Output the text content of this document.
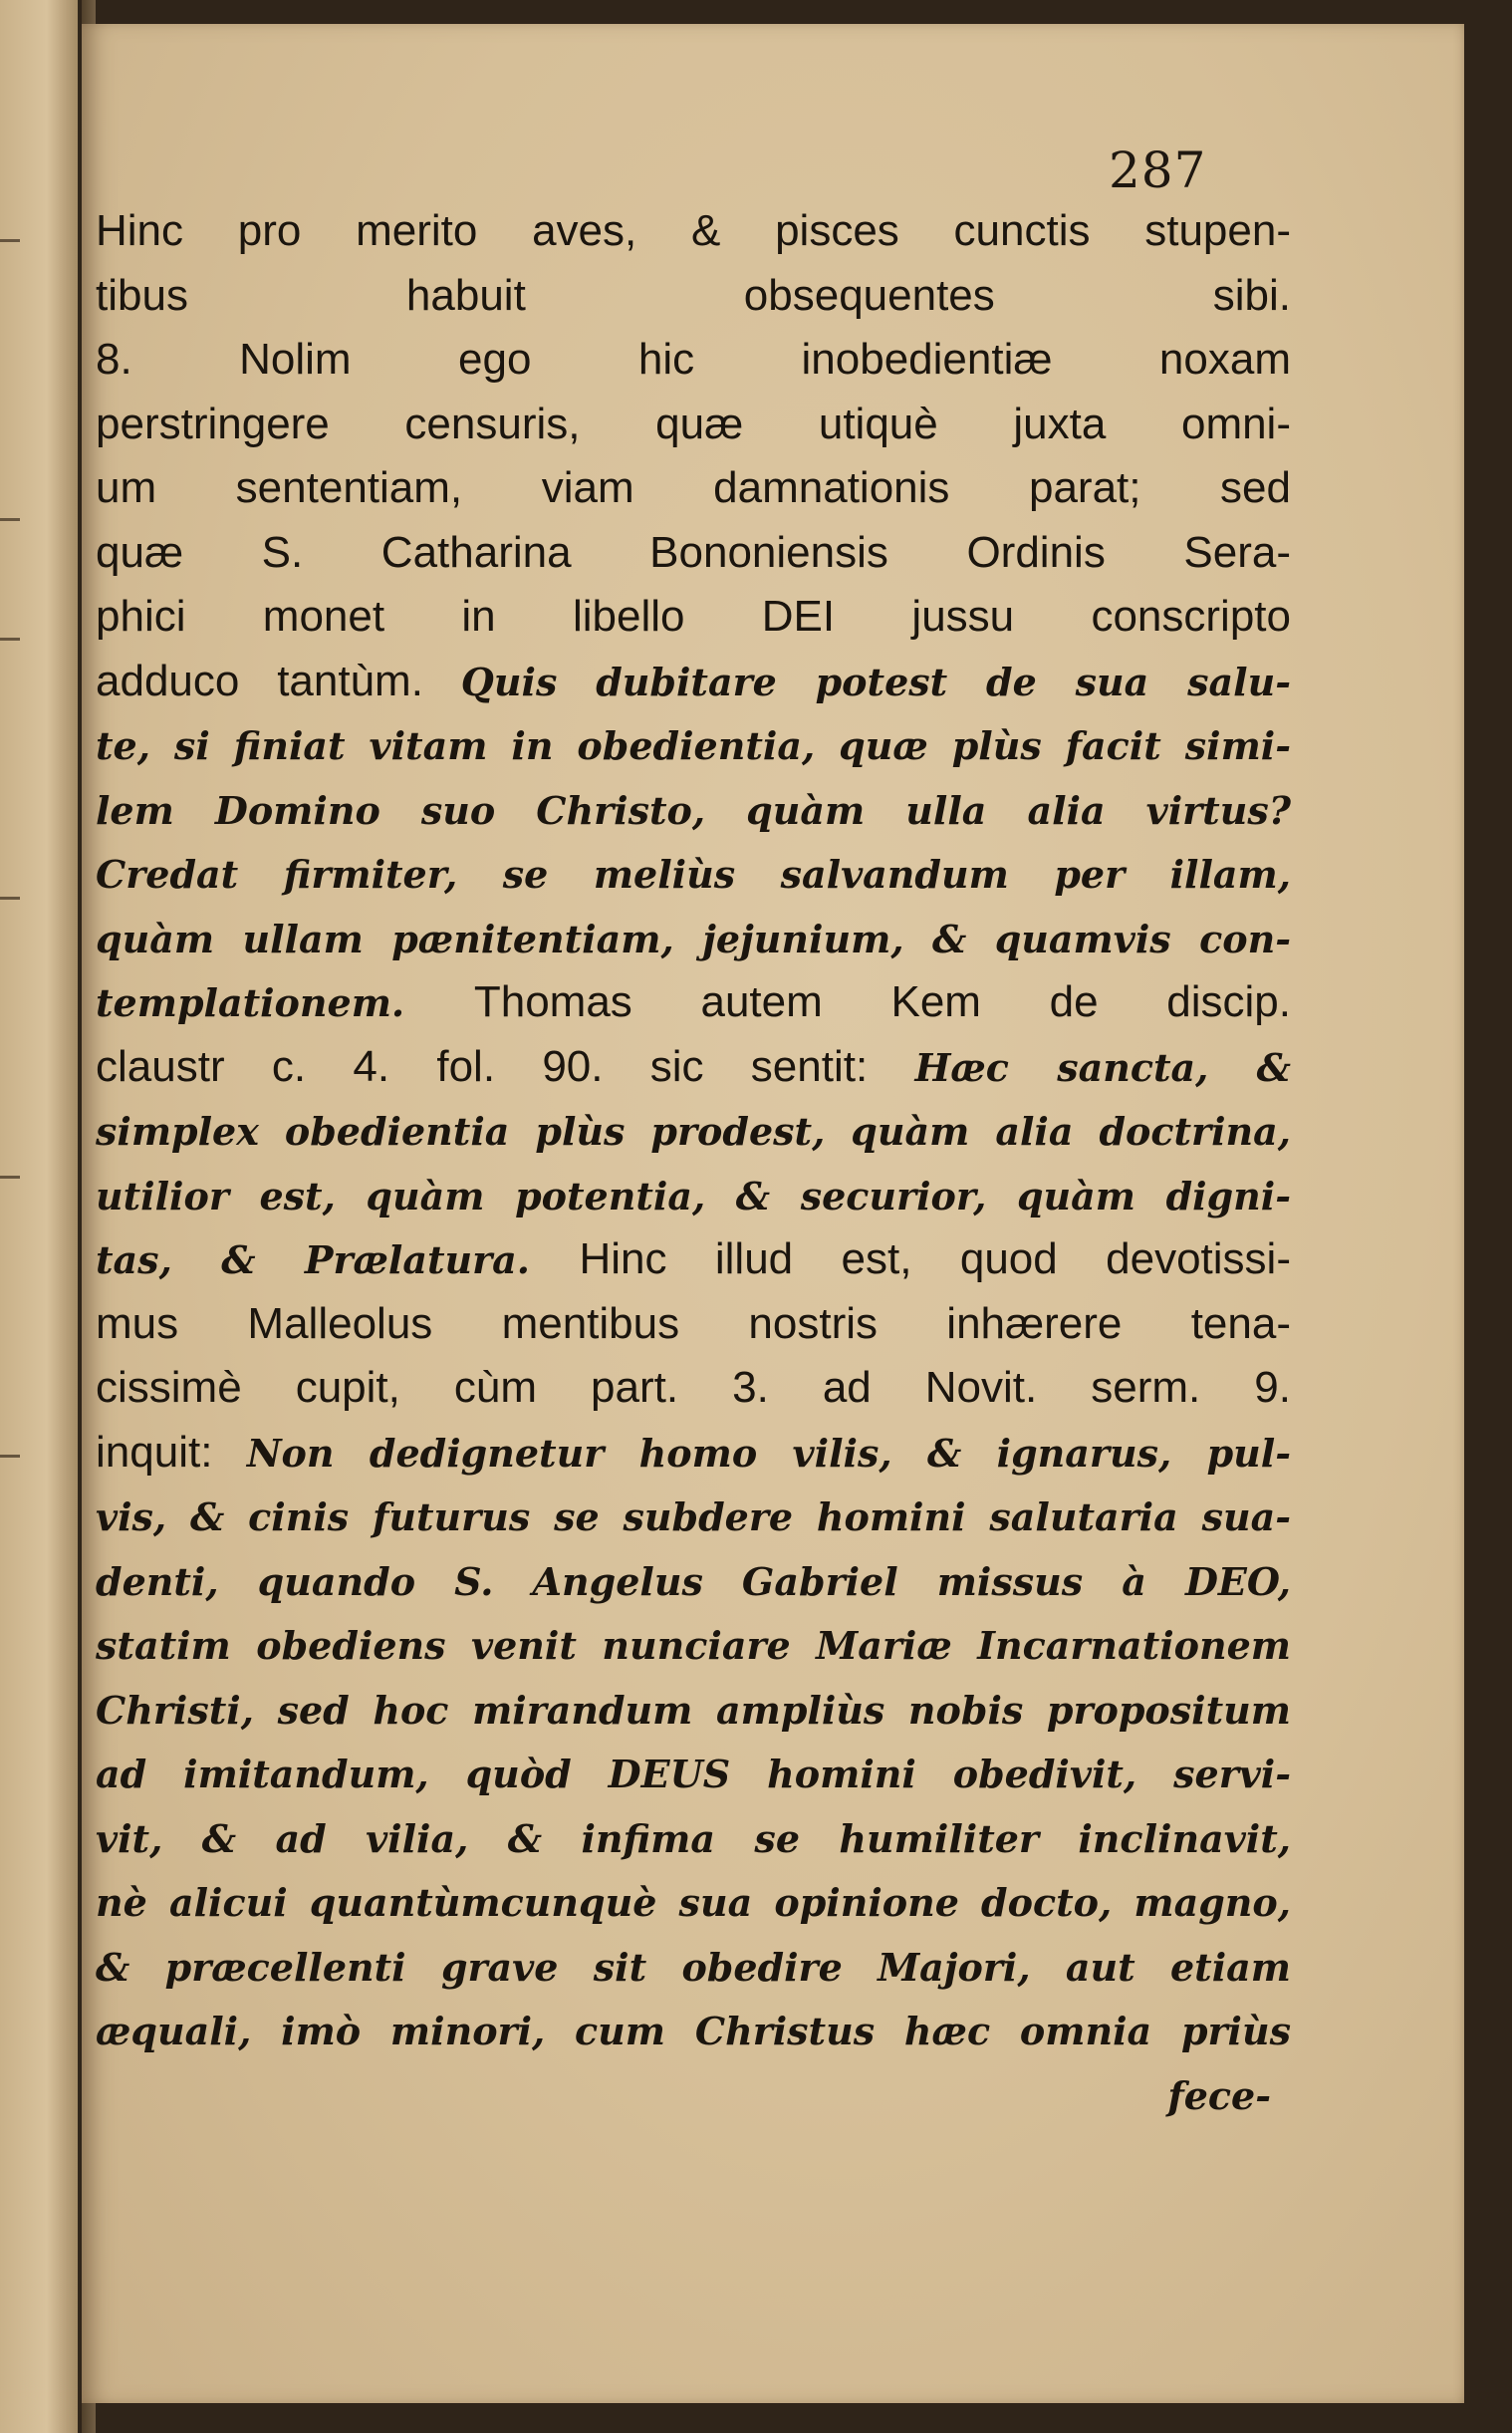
287
Hinc pro merito aves, & pisces cunctis stupen-
tibus habuit obsequentes sibi.
8. Nolim ego hic inobedientiæ noxam
perstringere censuris, quæ utiquè juxta omni-
um sententiam, viam damnationis parat; sed
quæ S. Catharina Bononiensis Ordinis Sera-
phici monet in libello DEI jussu conscripto
adduco tantùm. Quis dubitare potest de sua salu-
te, si finiat vitam in obedientia, quæ plùs facit simi-
lem Domino suo Christo, quàm ulla alia virtus?
Credat firmiter, se meliùs salvandum per illam,
quàm ullam pænitentiam, jejunium, & quamvis con-
templationem. Thomas autem Kem de discip.
claustr c. 4. fol. 90. sic sentit: Hæc sancta, &
simplex obedientia plùs prodest, quàm alia doctrina,
utilior est, quàm potentia, & securior, quàm digni-
tas, & Prælatura. Hinc illud est, quod devotissi-
mus Malleolus mentibus nostris inhærere tena-
cissimè cupit, cùm part. 3. ad Novit. serm. 9.
inquit: Non dedignetur homo vilis, & ignarus, pul-
vis, & cinis futurus se subdere homini salutaria sua-
denti, quando S. Angelus Gabriel missus à DEO,
statim obediens venit nunciare Mariæ Incarnationem
Christi, sed hoc mirandum ampliùs nobis propositum
ad imitandum, quòd DEUS homini obedivit, servi-
vit, & ad vilia, & infima se humiliter inclinavit,
nè alicui quantùmcunquè sua opinione docto, magno,
& præcellenti grave sit obedire Majori, aut etiam
æquali, imò minori, cum Christus hæc omnia priùs
fece-
